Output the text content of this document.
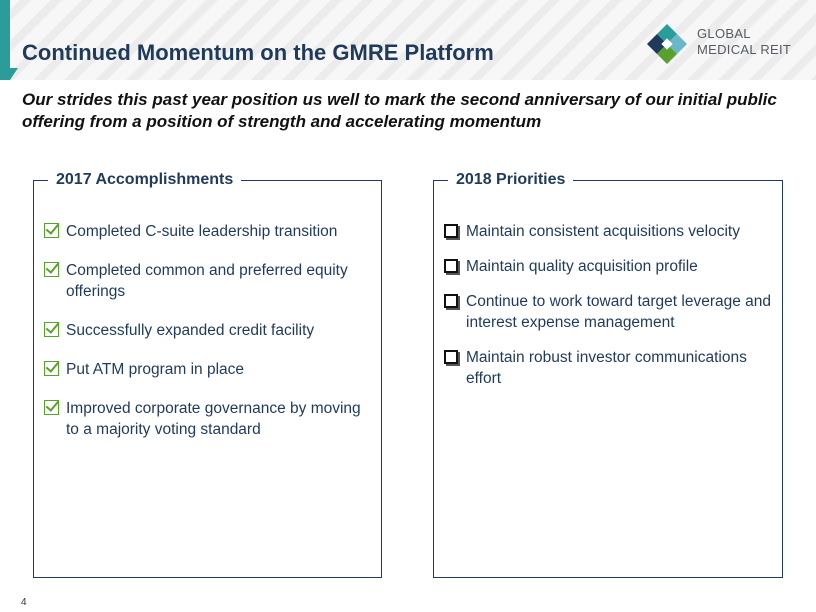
Continued Momentum on the GMRE Platform
GLOBAL
MEDICAL REIT

Our strides this past year position us well to mark the second anniversary of our initial public offering from a position of strength and accelerating momentum

2017 Accomplishments
Completed C-suite leadership transition
Completed common and preferred equity offerings
Successfully expanded credit facility
Put ATM program in place
Improved corporate governance by moving to a majority voting standard
2018 Priorities
Maintain consistent acquisitions velocity
Maintain quality acquisition profile
Continue to work toward target leverage and interest expense management
Maintain robust investor communications effort
4
